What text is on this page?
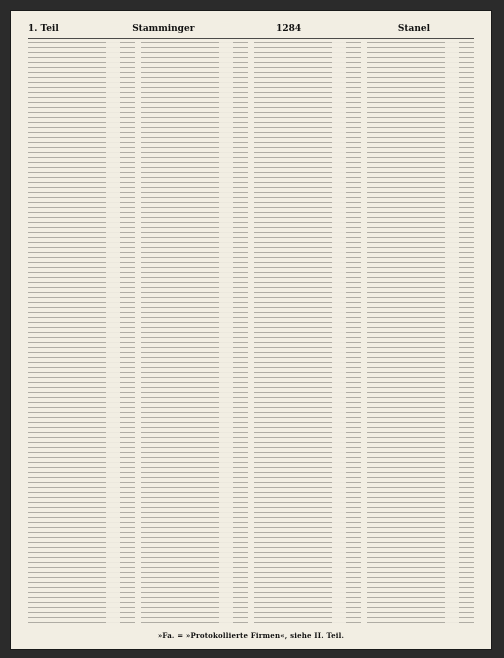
1. Teil	Stamminger	1284	Stanel
»Fa. = »Protokollierte Firmen«, siehe II. Teil.
